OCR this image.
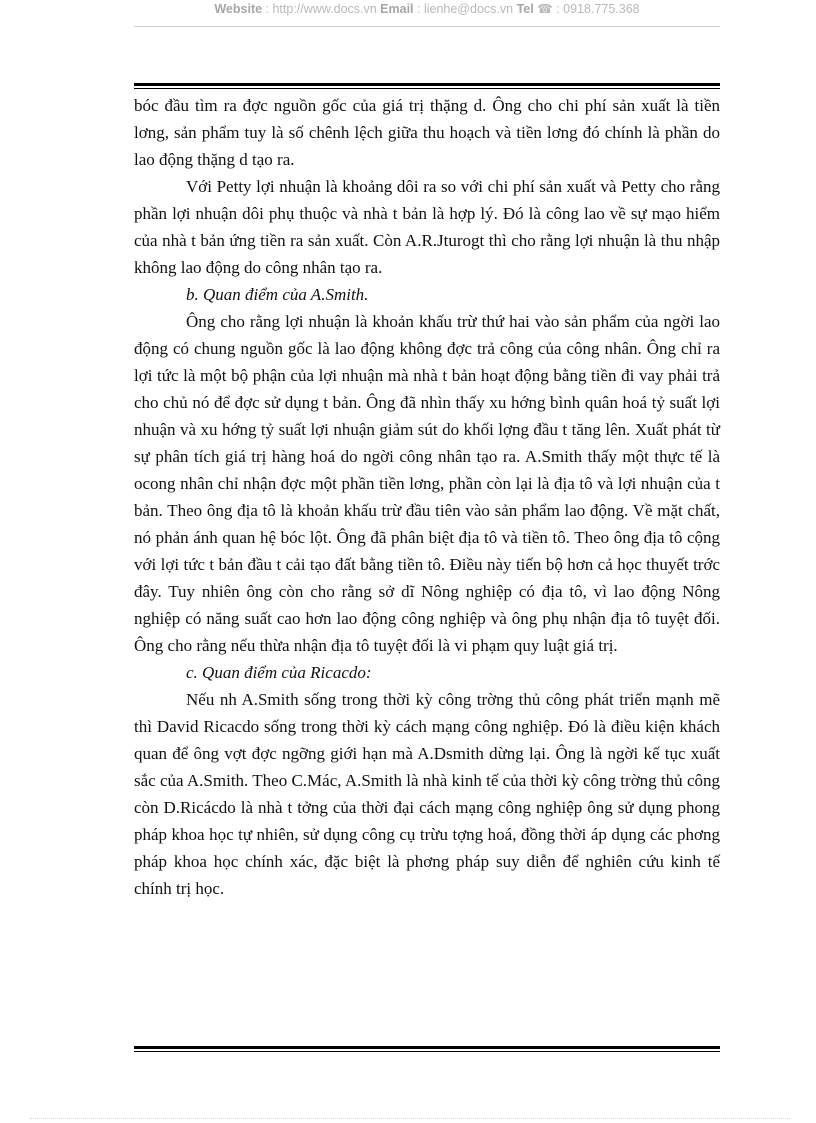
Website : http://www.docs.vn Email : lienhe@docs.vn Tel ☎ : 0918.775.368

bóc đầu tìm ra đợc nguồn gốc của giá trị thặng d. Ông cho chi phí sản xuất là tiền lơng, sản phẩm tuy là số chênh lệch giữa thu hoạch và tiền lơng đó chính là phần do lao động thặng d tạo ra.

Với Petty lợi nhuận là khoảng dôi ra so với chi phí sản xuất và Petty cho rằng phần lợi nhuận dôi phụ thuộc và nhà t bản là hợp lý. Đó là công lao về sự mạo hiểm của nhà t bản ứng tiền ra sản xuất. Còn A.R.Jturogt thì cho rằng lợi nhuận là thu nhập không lao động do công nhân tạo ra.

b. Quan điểm của A.Smith.

Ông cho rằng lợi nhuận là khoản khấu trừ thứ hai vào sản phẩm của ngời lao động có chung nguồn gốc là lao động không đợc trả công của công nhân. Ông chỉ ra lợi tức là một bộ phận của lợi nhuận mà nhà t bản hoạt động bằng tiền đi vay phải trả cho chủ nó để đợc sử dụng t bản. Ông đã nhìn thấy xu hớng bình quân hoá tỷ suất lợi nhuận và xu hớng tỷ suất lợi nhuận giảm sút do khối lợng đầu t tăng lên. Xuất phát từ sự phân tích giá trị hàng hoá do ngời công nhân tạo ra. A.Smith thấy một thực tế là ocong nhân chỉ nhận đợc một phần tiền lơng, phần còn lại là địa tô và lợi nhuận của t bản. Theo ông địa tô là khoản khấu trừ đầu tiên vào sản phẩm lao động. Về mặt chất, nó phản ánh quan hệ bóc lột. Ông đã phân biệt địa tô và tiền tô. Theo ông địa tô cộng với lợi tức t bản đầu t cải tạo đất bằng tiền tô. Điều này tiến bộ hơn cả học thuyết trớc đây. Tuy nhiên ông còn cho rằng sở dĩ Nông nghiệp có địa tô, vì lao động Nông nghiệp có năng suất cao hơn lao động công nghiệp và ông phụ nhận địa tô tuyệt đối. Ông cho rằng nếu thừa nhận địa tô tuyệt đối là vi phạm quy luật giá trị.

c. Quan điểm của Ricacdo:

Nếu nh A.Smith sống trong thời kỳ công trờng thủ công phát triển mạnh mẽ thì David Ricacdo sống trong thời kỳ cách mạng công nghiệp. Đó là điều kiện khách quan để ông vợt đợc ngỡng giới hạn mà A.Dsmith dừng lại. Ông là ngời kế tục xuất sắc của A.Smith. Theo C.Mác, A.Smith là nhà kinh tế của thời kỳ công trờng thủ công còn D.Ricácdo là nhà t tởng của thời đại cách mạng công nghiệp ông sử dụng phong pháp khoa học tự nhiên, sử dụng công cụ trừu tợng hoá, đồng thời áp dụng các phơng pháp khoa học chính xác, đặc biệt là phơng pháp suy diễn để nghiên cứu kinh tế chính trị học.
